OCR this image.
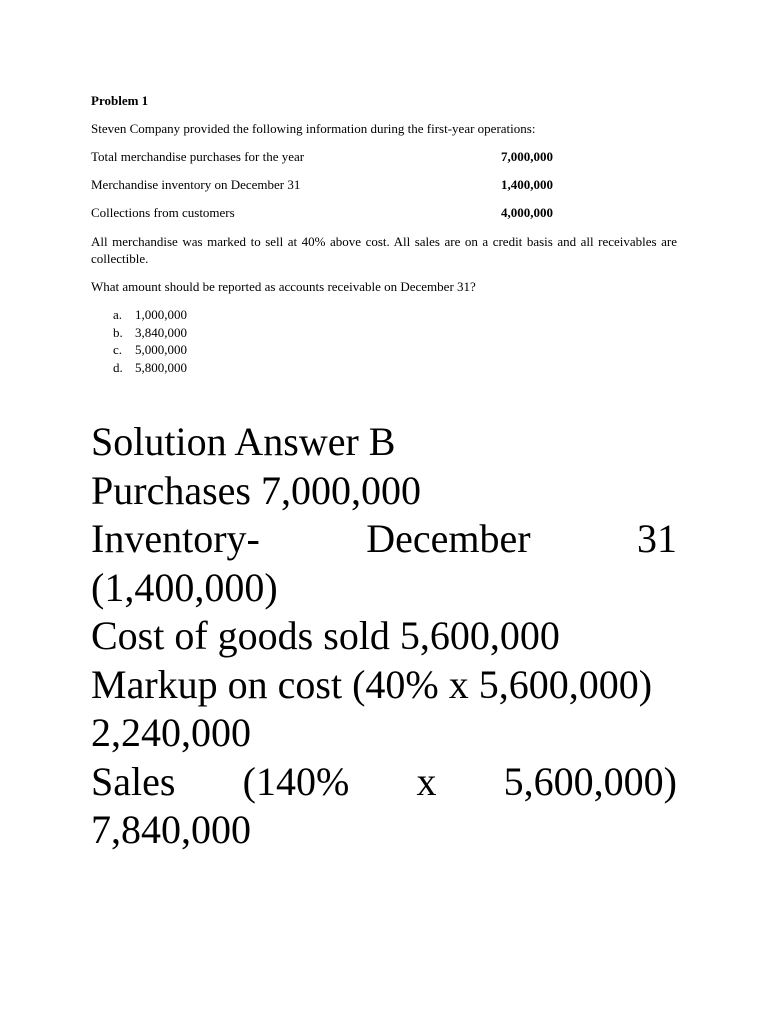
Problem 1
Steven Company provided the following information during the first-year operations:
Total merchandise purchases for the year	7,000,000
Merchandise inventory on December 31	1,400,000
Collections from customers	4,000,000
All merchandise was marked to sell at 40% above cost. All sales are on a credit basis and all receivables are collectible.
What amount should be reported as accounts receivable on December 31?
a. 1,000,000
b. 3,840,000
c. 5,000,000
d. 5,800,000
Solution Answer B
Purchases 7,000,000
Inventory-	December	31
(1,400,000)
Cost of goods sold 5,600,000
Markup on cost (40% x 5,600,000)
2,240,000
Sales (140% x 5,600,000)
7,840,000
